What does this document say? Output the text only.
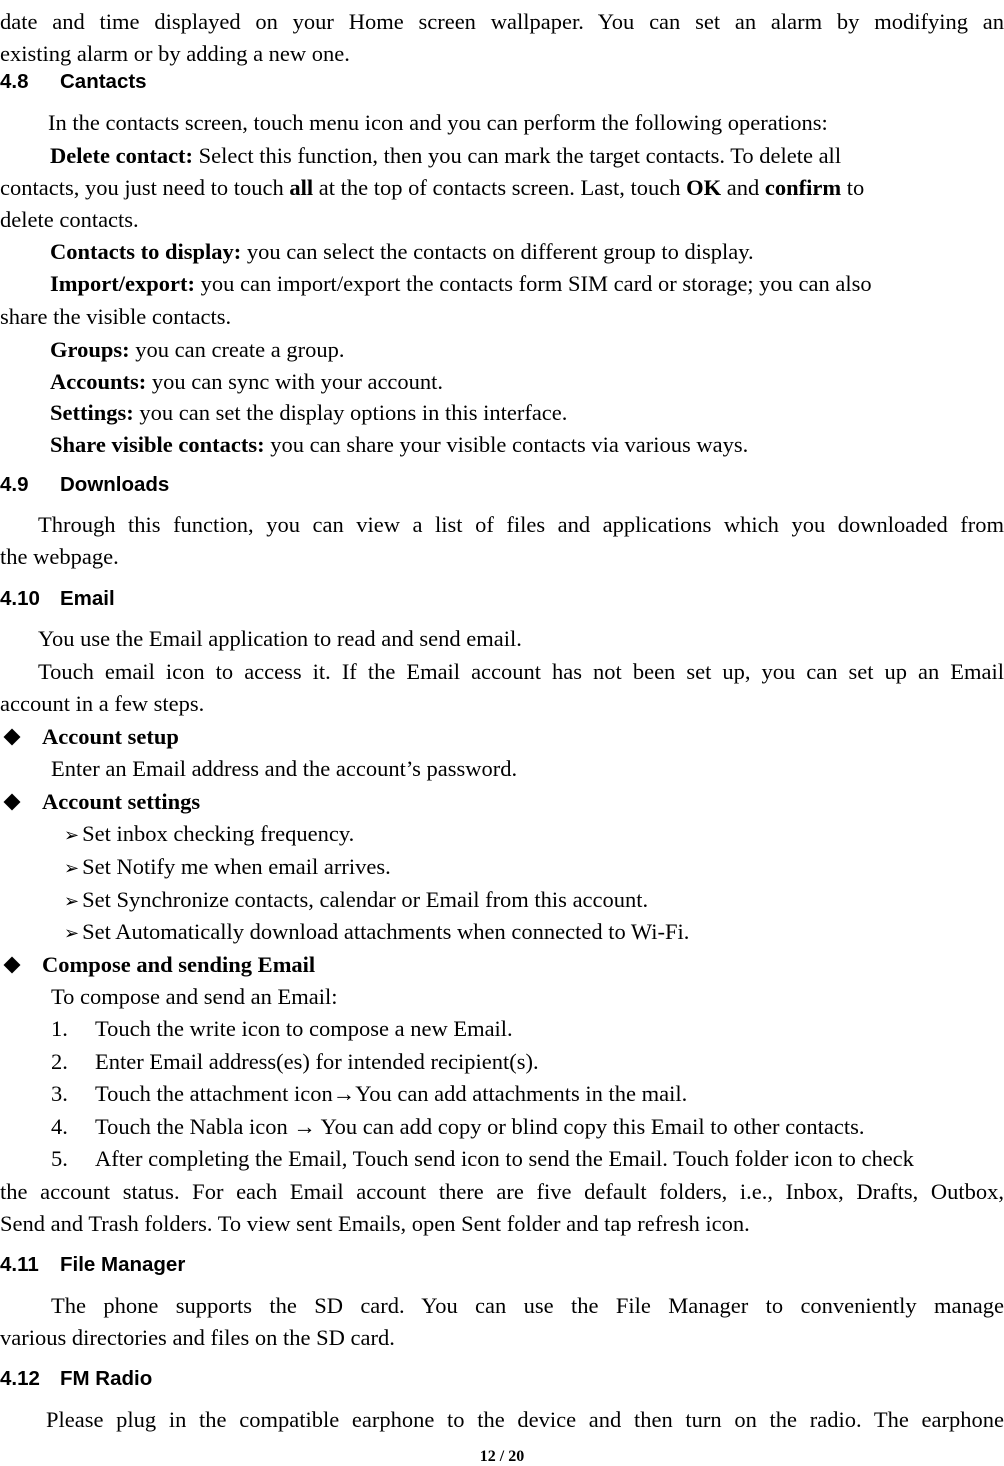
date and time displayed on your Home screen wallpaper. You can set an alarm by modifying an
existing alarm or by adding a new one.
4.8 Cantacts
In the contacts screen, touch menu icon and you can perform the following operations:
Delete contact: Select this function, then you can mark the target contacts. To delete all
contacts, you just need to touch all at the top of contacts screen. Last, touch OK and confirm to
delete contacts.
Contacts to display: you can select the contacts on different group to display.
Import/export: you can import/export the contacts form SIM card or storage; you can also
share the visible contacts.
Groups: you can create a group.
Accounts: you can sync with your account.
Settings: you can set the display options in this interface.
Share visible contacts: you can share your visible contacts via various ways.
4.9 Downloads
Through this function, you can view a list of files and applications which you downloaded from
the webpage.
4.10 Email
You use the Email application to read and send email.
Touch email icon to access it. If the Email account has not been set up, you can set up an Email
account in a few steps.
Account setup
Enter an Email address and the account’s password.
Account settings
➢ Set inbox checking frequency.
➢ Set Notify me when email arrives.
➢ Set Synchronize contacts, calendar or Email from this account.
➢ Set Automatically download attachments when connected to Wi-Fi.
Compose and sending Email
To compose and send an Email:
1. Touch the write icon to compose a new Email.
2. Enter Email address(es) for intended recipient(s).
3. Touch the attachment icon→You can add attachments in the mail.
4. Touch the Nabla icon → You can add copy or blind copy this Email to other contacts.
5. After completing the Email, Touch send icon to send the Email. Touch folder icon to check
the account status. For each Email account there are five default folders, i.e., Inbox, Drafts, Outbox,
Send and Trash folders. To view sent Emails, open Sent folder and tap refresh icon.
4.11 File Manager
The phone supports the SD card. You can use the File Manager to conveniently manage
various directories and files on the SD card.
4.12 FM Radio
Please plug in the compatible earphone to the device and then turn on the radio. The earphone
12 / 20
